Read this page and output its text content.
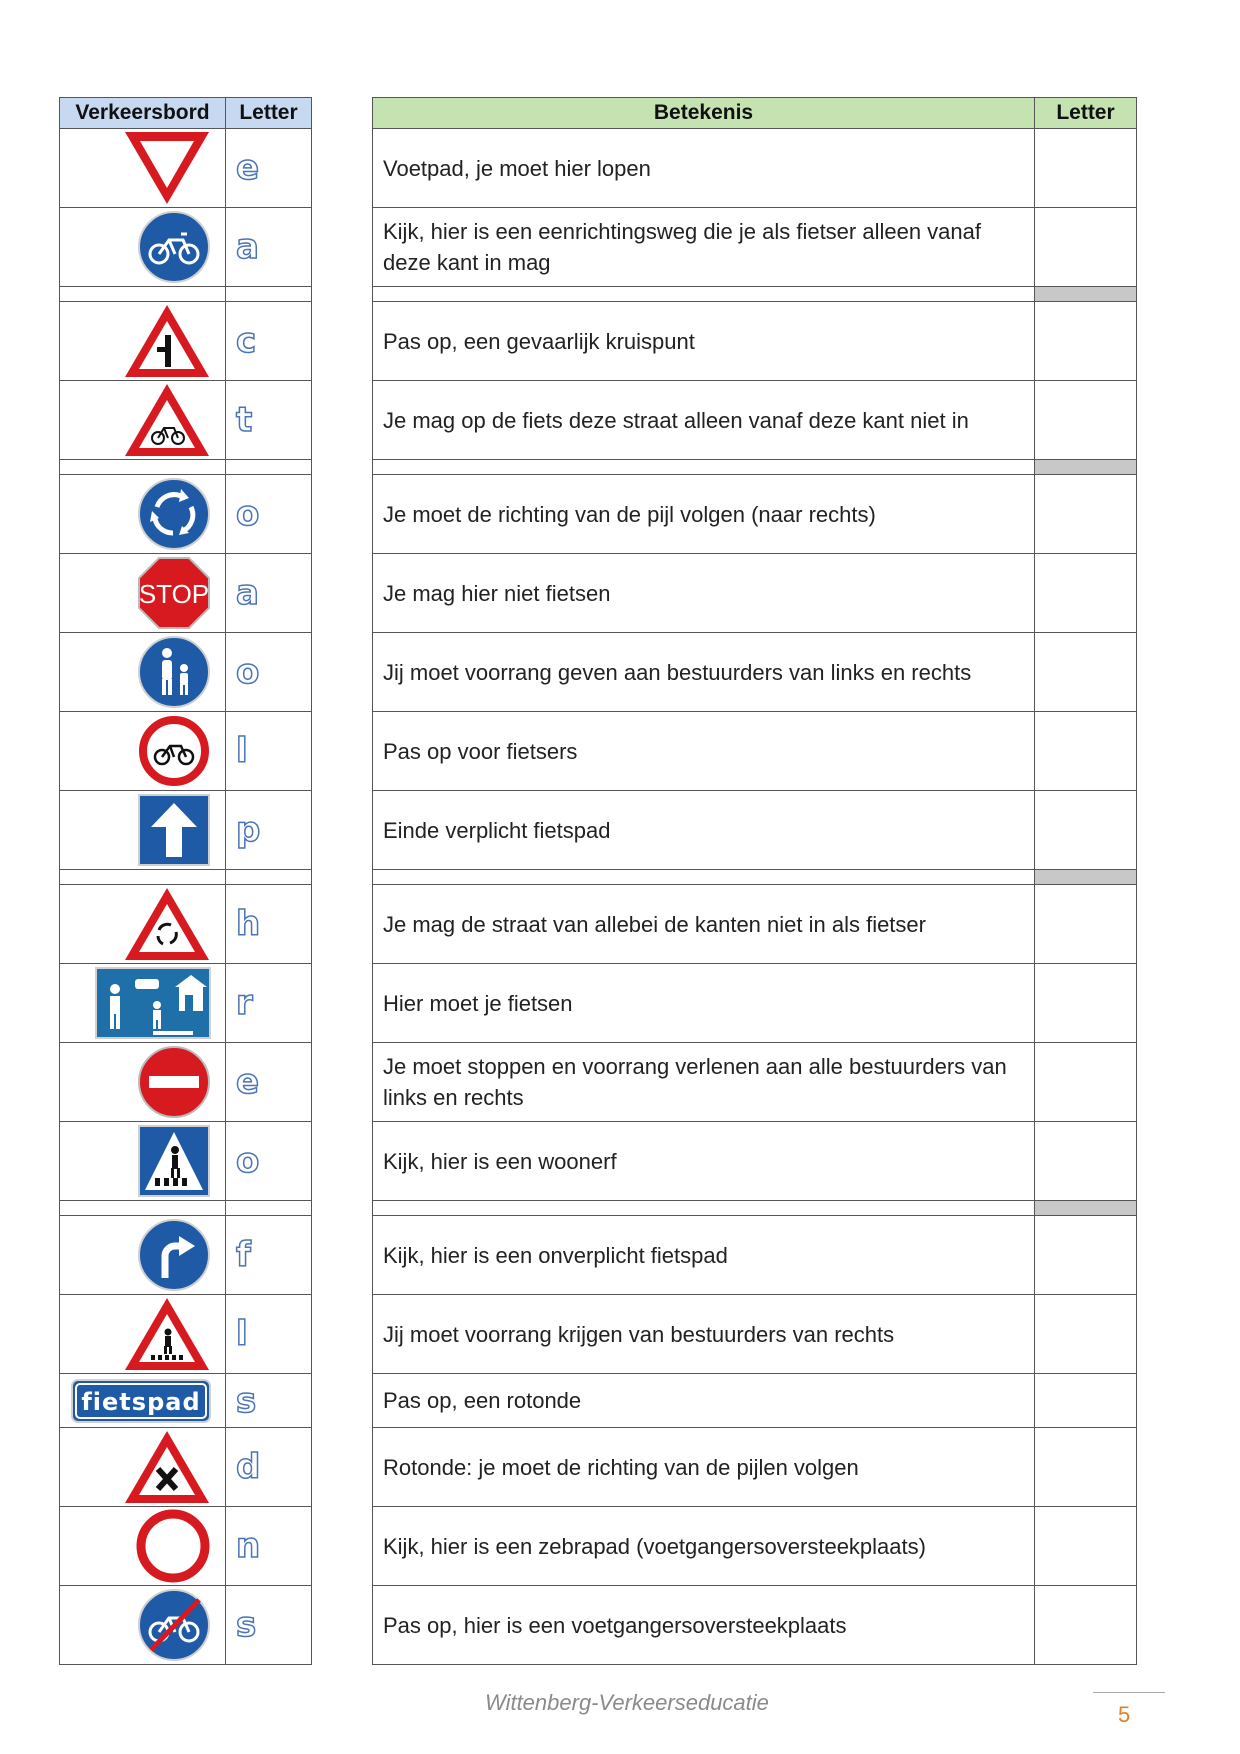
Verkeersbord	Letter
	e
	a

	c
	t

	o

STOP	a
	o
	l
	p

	h
	r
	e
	o

	f
	l

fietspad	s
	d
	n
	s
Betekenis	Letter
Voetpad, je moet hier lopen	
Kijk, hier is een eenrichtingsweg die je als fietser alleen vanaf deze kant in mag	

Pas op, een gevaarlijk kruispunt	
Je mag op de fiets deze straat alleen vanaf deze kant niet in	

Je moet de richting van de pijl volgen (naar rechts)	
Je mag hier niet fietsen	
Jij moet voorrang geven aan bestuurders van links en rechts	
Pas op voor fietsers	
Einde verplicht fietspad	

Je mag de straat van allebei de kanten niet in als fietser	
Hier moet je fietsen	
Je moet stoppen en voorrang verlenen aan alle bestuurders van links en rechts	
Kijk, hier is een woonerf	

Kijk, hier is een onverplicht fietspad	
Jij moet voorrang krijgen van bestuurders van rechts	
Pas op, een rotonde	
Rotonde: je moet de richting van de pijlen volgen	
Kijk, hier is een zebrapad (voetgangersoversteekplaats)	
Pas op, hier is een voetgangersoversteekplaats	
Wittenberg-Verkeerseducatie	5
